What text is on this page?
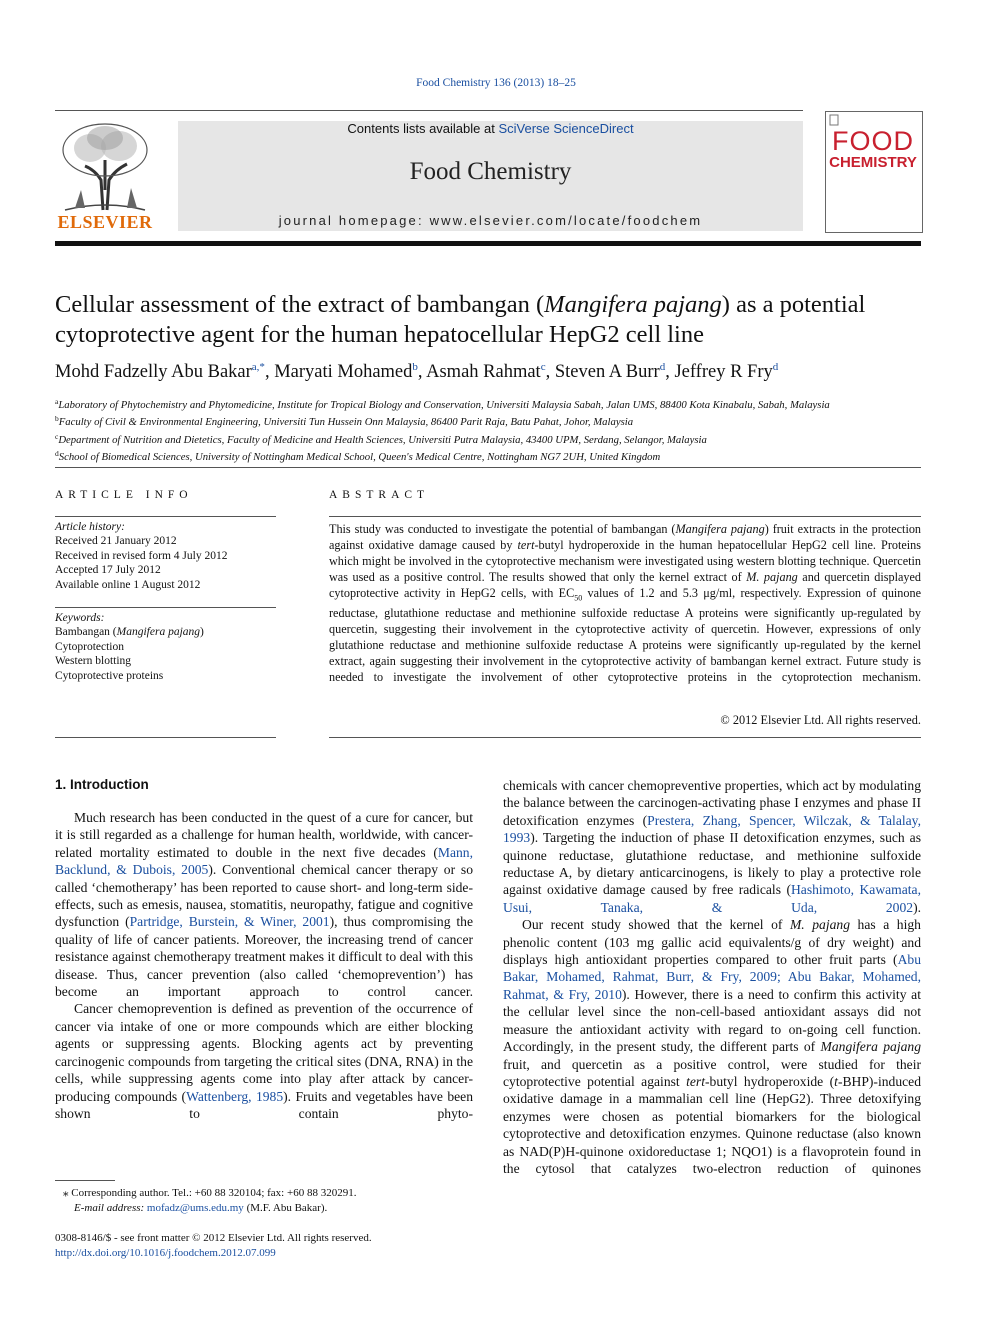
Food Chemistry 136 (2013) 18–25
ELSEVIER
Contents lists available at SciVerse ScienceDirect
Food Chemistry
journal homepage: www.elsevier.com/locate/foodchem
FOOD
CHEMISTRY
Cellular assessment of the extract of bambangan (Mangifera pajang) as a potential cytoprotective agent for the human hepatocellular HepG2 cell line
Mohd Fadzelly Abu Bakar$^{a,*}$, Maryati Mohamed$^b$, Asmah Rahmat$^c$, Steven A Burr$^d$, Jeffrey R Fry$^d$
$^a$Laboratory of Phytochemistry and Phytomedicine, Institute for Tropical Biology and Conservation, Universiti Malaysia Sabah, Jalan UMS, 88400 Kota Kinabalu, Sabah, Malaysia
$^b$Faculty of Civil & Environmental Engineering, Universiti Tun Hussein Onn Malaysia, 86400 Parit Raja, Batu Pahat, Johor, Malaysia
$^c$Department of Nutrition and Dietetics, Faculty of Medicine and Health Sciences, Universiti Putra Malaysia, 43400 UPM, Serdang, Selangor, Malaysia
$^d$School of Biomedical Sciences, University of Nottingham Medical School, Queen's Medical Centre, Nottingham NG7 2UH, United Kingdom
ARTICLE INFO
Article history:
Received 21 January 2012
Received in revised form 4 July 2012
Accepted 17 July 2012
Available online 1 August 2012
Keywords:
Bambangan (Mangifera pajang)
Cytoprotection
Western blotting
Cytoprotective proteins
ABSTRACT
This study was conducted to investigate the potential of bambangan (Mangifera pajang) fruit extracts in the protection against oxidative damage caused by tert-butyl hydroperoxide in the human hepatocellular HepG2 cell line. Proteins which might be involved in the cytoprotective mechanism were investigated using western blotting technique. Quercetin was used as a positive control. The results showed that only the kernel extract of M. pajang and quercetin displayed cytoprotective activity in HepG2 cells, with $EC_{50}$ values of 1.2 and 5.3 μg/ml, respectively. Expression of quinone reductase, glutathione reductase and methionine sulfoxide reductase A proteins were significantly up-regulated by quercetin, suggesting their involvement in the cytoprotective activity of quercetin. However, expressions of only glutathione reductase and methionine sulfoxide reductase A proteins were significantly up-regulated by the kernel extract, again suggesting their involvement in the cytoprotective activity of bambangan kernel extract. Future study is needed to investigate the involvement of other cytoprotective proteins in the cytoprotection mechanism.
© 2012 Elsevier Ltd. All rights reserved.
1. Introduction
Much research has been conducted in the quest of a cure for cancer, but it is still regarded as a challenge for human health, worldwide, with cancer-related mortality estimated to double in the next five decades (Mann, Backlund, & Dubois, 2005). Conventional chemical cancer therapy or so called ‘chemotherapy’ has been reported to cause short- and long-term side-effects, such as emesis, nausea, stomatitis, neuropathy, fatigue and cognitive dysfunction (Partridge, Burstein, & Winer, 2001), thus compromising the quality of life of cancer patients. Moreover, the increasing trend of cancer resistance against chemotherapy treatment makes it difficult to deal with this disease. Thus, cancer prevention (also called ‘chemoprevention’) has become an important approach to control cancer.
Cancer chemoprevention is defined as prevention of the occurrence of cancer via intake of one or more compounds which are either blocking agents or suppressing agents. Blocking agents act by preventing carcinogenic compounds from targeting the critical sites (DNA, RNA) in the cells, while suppressing agents come into play after attack by cancer-producing compounds (Wattenberg, 1985). Fruits and vegetables have been shown to contain phyto-
chemicals with cancer chemopreventive properties, which act by modulating the balance between the carcinogen-activating phase I enzymes and phase II detoxification enzymes (Prestera, Zhang, Spencer, Wilczak, & Talalay, 1993). Targeting the induction of phase II detoxification enzymes, such as quinone reductase, glutathione reductase, and methionine sulfoxide reductase A, by dietary anticarcinogens, is likely to play a protective role against oxidative damage caused by free radicals (Hashimoto, Kawamata, Usui, Tanaka, & Uda, 2002).
Our recent study showed that the kernel of M. pajang has a high phenolic content (103 mg gallic acid equivalents/g of dry weight) and displays high antioxidant properties compared to other fruit parts (Abu Bakar, Mohamed, Rahmat, Burr, & Fry, 2009; Abu Bakar, Mohamed, Rahmat, & Fry, 2010). However, there is a need to confirm this activity at the cellular level since the non-cell-based antioxidant assays did not measure the antioxidant activity with regard to on-going cell function. Accordingly, in the present study, the different parts of Mangifera pajang fruit, and quercetin as a positive control, were studied for their cytoprotective potential against tert-butyl hydroperoxide (t-BHP)-induced oxidative damage in a mammalian cell line (HepG2). Three detoxifying enzymes were chosen as potential biomarkers for the biological cytoprotective and detoxification enzymes. Quinone reductase (also known as NAD(P)H-quinone oxidoreductase 1; NQO1) is a flavoprotein found in the cytosol that catalyzes two-electron reduction of quinones
⁎ Corresponding author. Tel.: +60 88 320104; fax: +60 88 320291.
E-mail address: mofadz@ums.edu.my (M.F. Abu Bakar).
0308-8146/$ - see front matter © 2012 Elsevier Ltd. All rights reserved.
http://dx.doi.org/10.1016/j.foodchem.2012.07.099
